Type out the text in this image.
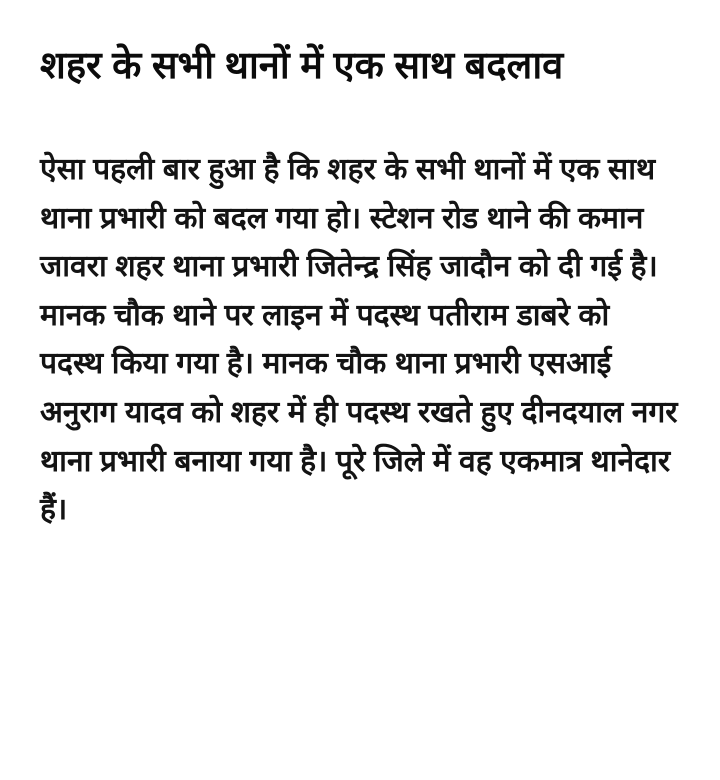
शहर के सभी थानों में एक साथ बदलाव

ऐसा पहली बार हुआ है कि शहर के सभी थानों में एक साथ थाना प्रभारी को बदल गया हो। स्टेशन रोड थाने की कमान जावरा शहर थाना प्रभारी जितेन्द्र सिंह जादौन को दी गई है। मानक चौक थाने पर लाइन में पदस्थ पतीराम डाबरे को पदस्थ किया गया है। मानक चौक थाना प्रभारी एसआई अनुराग यादव को शहर में ही पदस्थ रखते हुए दीनदयाल नगर थाना प्रभारी बनाया गया है। पूरे जिले में वह एकमात्र थानेदार हैं।
